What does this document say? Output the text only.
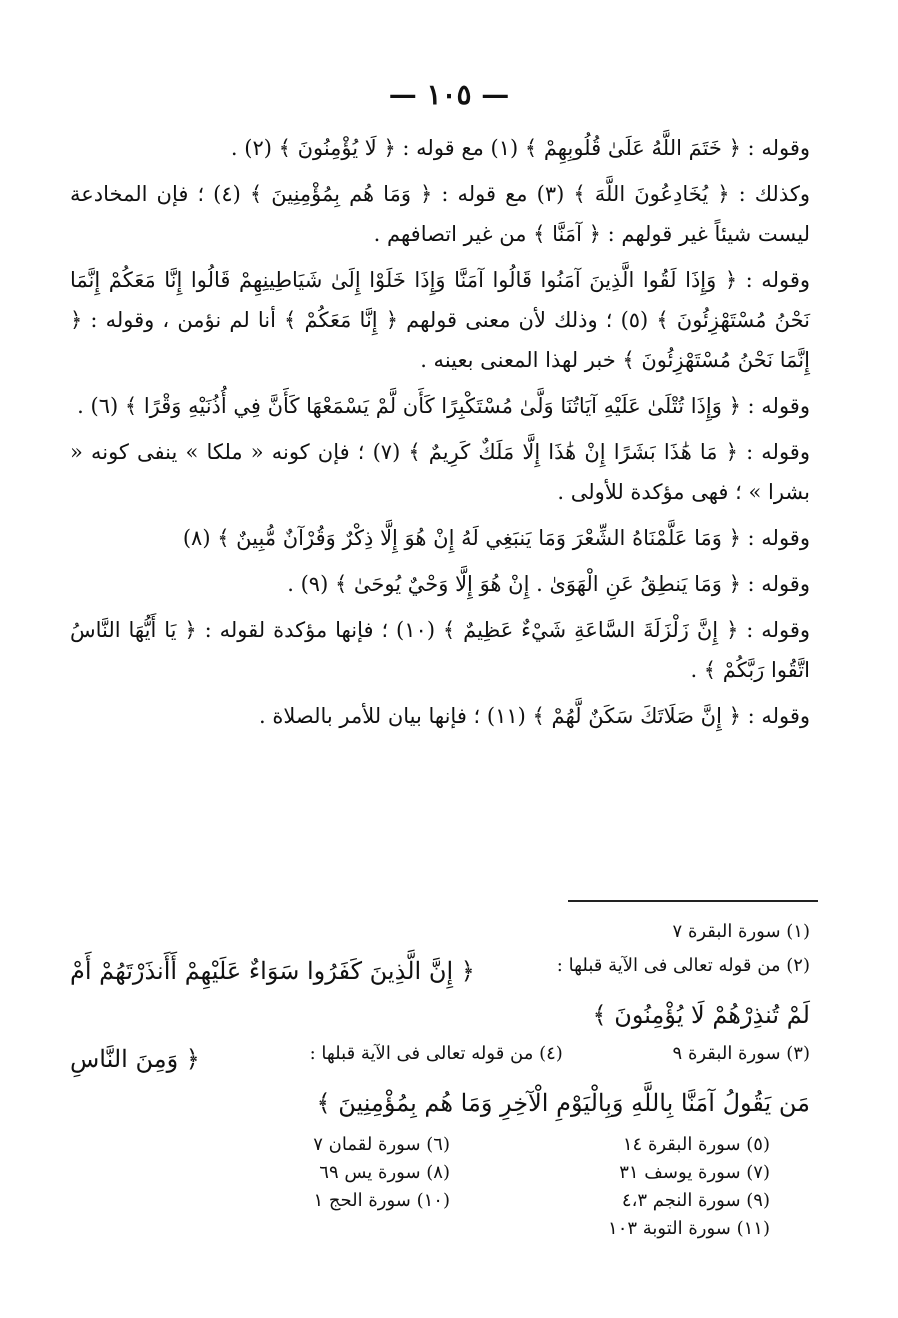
— ١٠٥ —

وقوله : ﴿ خَتَمَ اللَّهُ عَلَىٰ قُلُوبِهِمْ ﴾ (١) مع قوله : ﴿ لَا يُؤْمِنُونَ ﴾ (٢) .

وكذلك : ﴿ يُخَادِعُونَ اللَّهَ ﴾ (٣) مع قوله : ﴿ وَمَا هُم بِمُؤْمِنِينَ ﴾ (٤) ؛ فإن المخادعة ليست شيئاً غير قولهم : ﴿ آمَنَّا ﴾ من غير اتصافهم .

وقوله : ﴿ وَإِذَا لَقُوا الَّذِينَ آمَنُوا قَالُوا آمَنَّا وَإِذَا خَلَوْا إِلَىٰ شَيَاطِينِهِمْ قَالُوا إِنَّا مَعَكُمْ إِنَّمَا نَحْنُ مُسْتَهْزِئُونَ ﴾ (٥) ؛ وذلك لأن معنى قولهم ﴿ إِنَّا مَعَكُمْ ﴾ أنا لم نؤمن ، وقوله : ﴿ إِنَّمَا نَحْنُ مُسْتَهْزِئُونَ ﴾ خبر لهذا المعنى بعينه .

وقوله : ﴿ وَإِذَا تُتْلَىٰ عَلَيْهِ آيَاتُنَا وَلَّىٰ مُسْتَكْبِرًا كَأَن لَّمْ يَسْمَعْهَا كَأَنَّ فِي أُذُنَيْهِ وَقْرًا ﴾ (٦) .

وقوله : ﴿ مَا هَٰذَا بَشَرًا إِنْ هَٰذَا إِلَّا مَلَكٌ كَرِيمٌ ﴾ (٧) ؛ فإن كونه « ملكا » ينفى كونه « بشرا » ؛ فهى مؤكدة للأولى .

وقوله : ﴿ وَمَا عَلَّمْنَاهُ الشِّعْرَ وَمَا يَنبَغِي لَهُ إِنْ هُوَ إِلَّا ذِكْرٌ وَقُرْآنٌ مُّبِينٌ ﴾ (٨)

وقوله : ﴿ وَمَا يَنطِقُ عَنِ الْهَوَىٰ . إِنْ هُوَ إِلَّا وَحْيٌ يُوحَىٰ ﴾ (٩) .

وقوله : ﴿ إِنَّ زَلْزَلَةَ السَّاعَةِ شَيْءٌ عَظِيمٌ ﴾ (١٠) ؛ فإنها مؤكدة لقوله : ﴿ يَا أَيُّهَا النَّاسُ اتَّقُوا رَبَّكُمْ ﴾ .

وقوله : ﴿ إِنَّ صَلَاتَكَ سَكَنٌ لَّهُمْ ﴾ (١١) ؛ فإنها بيان للأمر بالصلاة .

(١) سورة البقرة ٧

(٢) من قوله تعالى فى الآية قبلها :
﴿ إِنَّ الَّذِينَ كَفَرُوا سَوَاءٌ عَلَيْهِمْ أَأَنذَرْتَهُمْ أَمْ

لَمْ تُنذِرْهُمْ لَا يُؤْمِنُونَ ﴾

(٣) سورة البقرة ٩
(٤) من قوله تعالى فى الآية قبلها :
﴿ وَمِنَ النَّاسِ

مَن يَقُولُ آمَنَّا بِاللَّهِ وَبِالْيَوْمِ الْآخِرِ وَمَا هُم بِمُؤْمِنِينَ ﴾

(٥) سورة البقرة ١٤
(٦) سورة لقمان ٧
(٧) سورة يوسف ٣١
(٨) سورة يس ٦٩
(٩) سورة النجم ٤،٣
(١٠) سورة الحج ١
(١١) سورة التوبة ١٠٣
